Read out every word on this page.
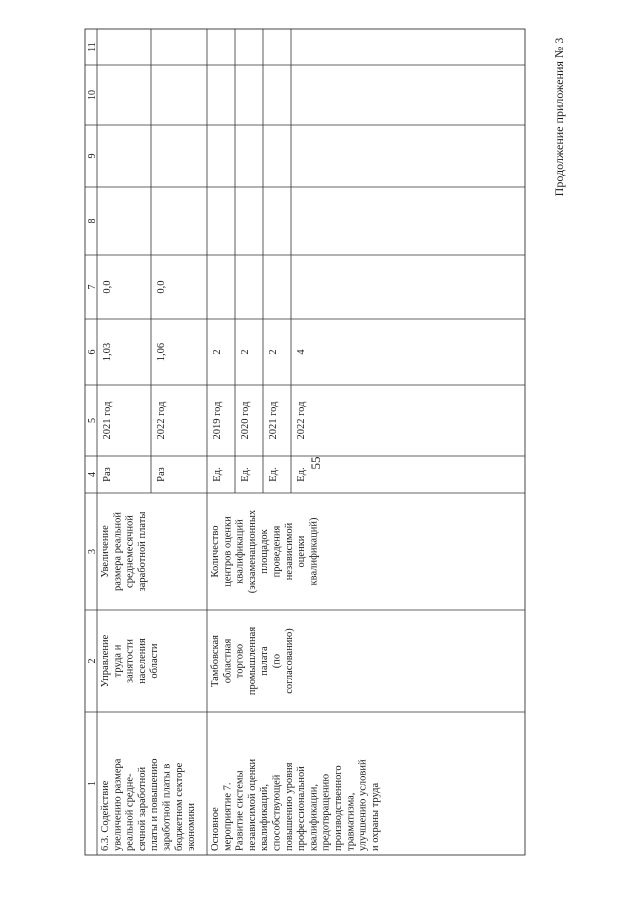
55
Продолжение приложения № 3
1
2
3
4
5
6
7
8
9
10
11
6.3. Содействие увеличению размера реальной средне- сячной заработной платы и повышению заработной платы в бюджетном секторе экономики
Управление труда и занятости населения области
Увеличение размера реальной среднемесячной заработной платы
Раз
2021 год
1,03
0,0
Раз
2022 год
1,06
0,0
Основное мероприятие 7. Развитие системы независимой оценки квалификаций, способствующей повышению уровня профессиональной квалификации, предотвращению производственного травматизма, улучшению условий и охраны труда
Тамбовская областная торгово промышленная палата (по согласованию)
Количество центров оценки квалификаций (экзаменационных площадок проведения независимой оценки квалификаций)
Ед.
2019 год
2
Ед.
2020 год
2
Ед.
2021 год
2
Ед.
2022 год
4
